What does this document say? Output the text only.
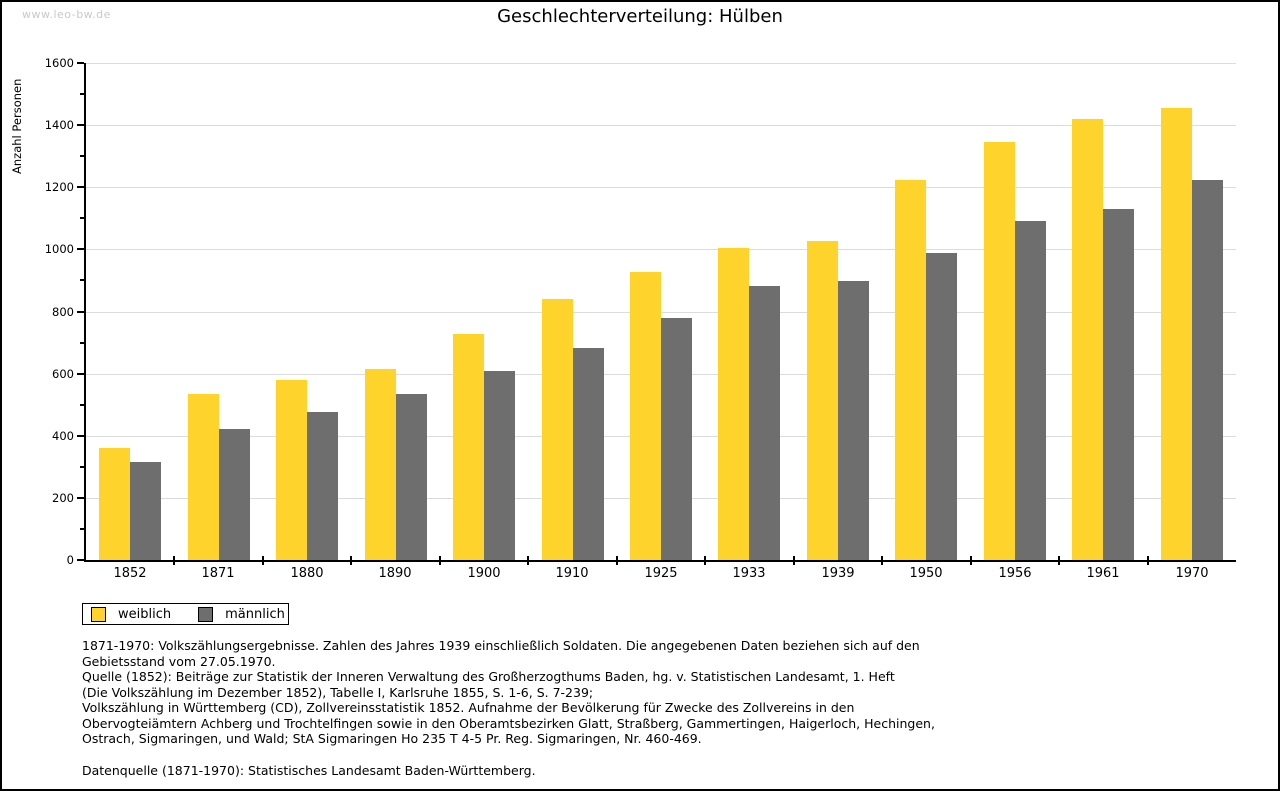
www.leo-bw.de	Geschlechterverteilung: Hülben
Anzahl Personen
0
200
400
600
800
1000
1200
1400
1600
1852	1871	1880	1890	1900	1910	1925	1933	1939	1950	1956	1961	1970
weiblich	männlich
1871-1970: Volkszählungsergebnisse. Zahlen des Jahres 1939 einschließlich Soldaten. Die angegebenen Daten beziehen sich auf den
Gebietsstand vom 27.05.1970.
Quelle (1852): Beiträge zur Statistik der Inneren Verwaltung des Großherzogthums Baden, hg. v. Statistischen Landesamt, 1. Heft
(Die Volkszählung im Dezember 1852), Tabelle I, Karlsruhe 1855, S. 1-6, S. 7-239;
Volkszählung in Württemberg (CD), Zollvereinsstatistik 1852. Aufnahme der Bevölkerung für Zwecke des Zollvereins in den
Obervogteiämtern Achberg und Trochtelfingen sowie in den Oberamtsbezirken Glatt, Straßberg, Gammertingen, Haigerloch, Hechingen,
Ostrach, Sigmaringen, und Wald; StA Sigmaringen Ho 235 T 4-5 Pr. Reg. Sigmaringen, Nr. 460-469.
Datenquelle (1871-1970): Statistisches Landesamt Baden-Württemberg.
